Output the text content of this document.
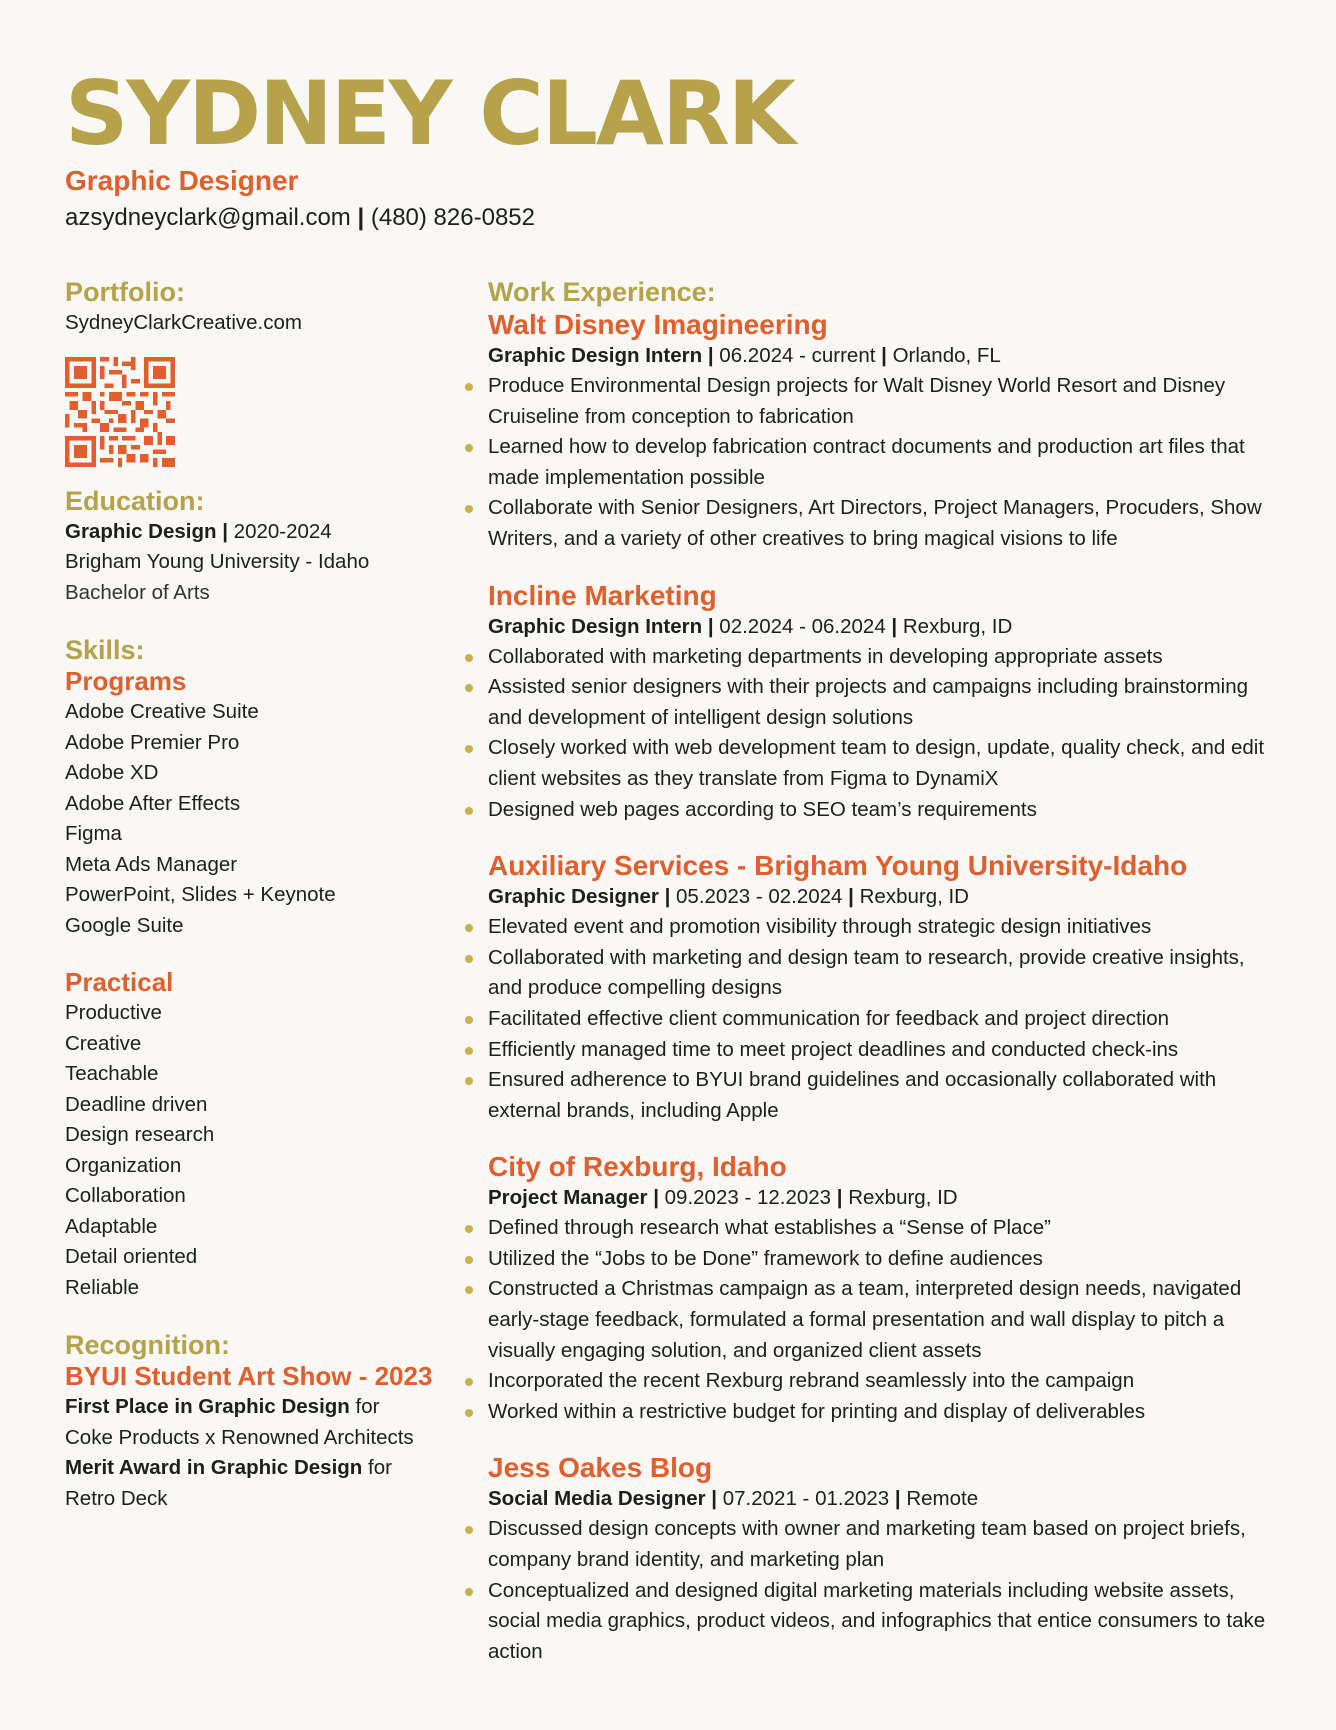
SYDNEY CLARK
Graphic Designer
azsydneyclark@gmail.com | (480) 826-0852
Portfolio:
SydneyClarkCreative.com
Education:
Graphic Design | 2020-2024
Brigham Young University - Idaho
Bachelor of Arts
Skills:
Programs
Adobe Creative Suite
Adobe Premier Pro
Adobe XD
Adobe After Effects
Figma
Meta Ads Manager
PowerPoint, Slides + Keynote
Google Suite
Practical
Productive
Creative
Teachable
Deadline driven
Design research
Organization
Collaboration
Adaptable
Detail oriented
Reliable
Recognition:
BYUI Student Art Show - 2023
First Place in Graphic Design for
Coke Products x Renowned Architects
Merit Award in Graphic Design for
Retro Deck
Work Experience:
Walt Disney Imagineering
Graphic Design Intern | 06.2024 - current | Orlando, FL
Produce Environmental Design projects for Walt Disney World Resort and Disney Cruiseline from conception to fabrication
Learned how to develop fabrication contract documents and production art files that made implementation possible
Collaborate with Senior Designers, Art Directors, Project Managers, Procuders, Show Writers, and a variety of other creatives to bring magical visions to life
Incline Marketing
Graphic Design Intern | 02.2024 - 06.2024 | Rexburg, ID
Collaborated with marketing departments in developing appropriate assets
Assisted senior designers with their projects and campaigns including brainstorming and development of intelligent design solutions
Closely worked with web development team to design, update, quality check, and edit client websites as they translate from Figma to DynamiX
Designed web pages according to SEO team’s requirements
Auxiliary Services - Brigham Young University-Idaho
Graphic Designer | 05.2023 - 02.2024 | Rexburg, ID
Elevated event and promotion visibility through strategic design initiatives
Collaborated with marketing and design team to research, provide creative insights, and produce compelling designs
Facilitated effective client communication for feedback and project direction
Efficiently managed time to meet project deadlines and conducted check-ins
Ensured adherence to BYUI brand guidelines and occasionally collaborated with external brands, including Apple
City of Rexburg, Idaho
Project Manager | 09.2023 - 12.2023 | Rexburg, ID
Defined through research what establishes a “Sense of Place”
Utilized the “Jobs to be Done” framework to define audiences
Constructed a Christmas campaign as a team, interpreted design needs, navigated early-stage feedback, formulated a formal presentation and wall display to pitch a visually engaging solution, and organized client assets
Incorporated the recent Rexburg rebrand seamlessly into the campaign
Worked within a restrictive budget for printing and display of deliverables
Jess Oakes Blog
Social Media Designer | 07.2021 - 01.2023 | Remote
Discussed design concepts with owner and marketing team based on project briefs, company brand identity, and marketing plan
Conceptualized and designed digital marketing materials including website assets, social media graphics, product videos, and infographics that entice consumers to take action
